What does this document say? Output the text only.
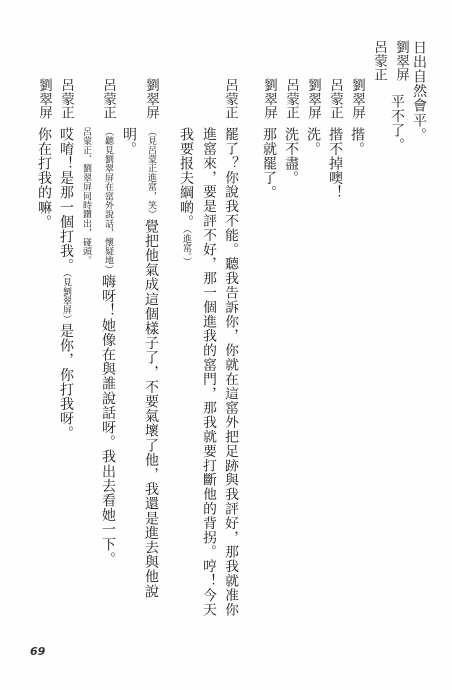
劉翠屏 日出自然會平。
呂蒙正
平不了。
劉翠屏
揩。
呂蒙正
揩不掉噢！
劉翠屏
洗。
呂蒙正
洗不盡。
劉翠屏
那就罷了。
呂蒙正
罷了？你說我不能。聽我告訴你，你就在這窰外把足跡與我評好，那我就准你
進窰來，要是評不好，那一個進我的窰門，那我就要打斷他的背拐。哼！今天
我要报夫綱啲。（進窰。）
劉翠屏
（見呂蒙正進窰，笑）覺把他氣成這個樣子了，不要氣壞了他，我還是進去與他說
明。
呂蒙正
（聽見劉翠屏在窰外說話，懷疑地）嗨呀！她像在與誰說話呀。我出去看她一下。
呂蒙正、劉翠屏同時鑽出，碰頭。
呂蒙正
哎唷！是那一個打我。（見劉翠屏）是你，你打我呀。
劉翠屏
你在打我的嘛。
69
